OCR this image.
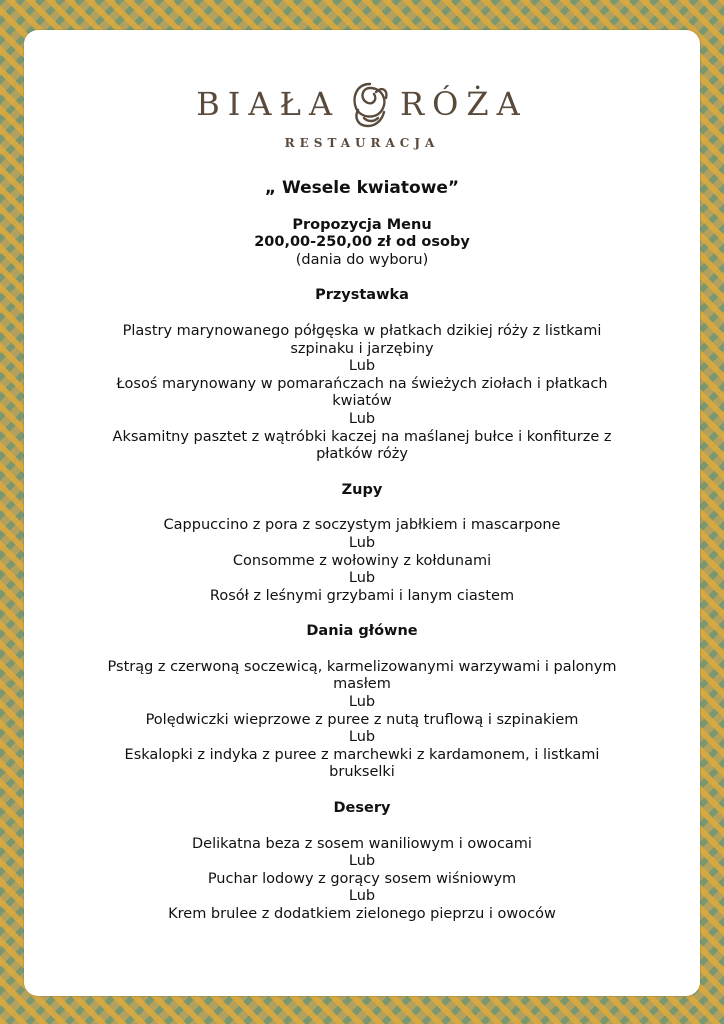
BIAŁA RÓŻA
RESTAURACJA
„ Wesele kwiatowe”
Propozycja Menu
200,00-250,00 zł od osoby
(dania do wyboru)
Przystawka
Plastry marynowanego półgęska w płatkach dzikiej róży z listkami
szpinaku i jarzębiny
Lub
Łosoś marynowany w pomarańczach na świeżych ziołach i płatkach
kwiatów
Lub
Aksamitny pasztet z wątróbki kaczej na maślanej bułce i konfiturze z
płatków róży
Zupy
Cappuccino z pora z soczystym jabłkiem i mascarpone
Lub
Consomme z wołowiny z kołdunami
Lub
Rosół z leśnymi grzybami i lanym ciastem
Dania główne
Pstrąg z czerwoną soczewicą, karmelizowanymi warzywami i palonym
masłem
Lub
Polędwiczki wieprzowe z puree z nutą truflową i szpinakiem
Lub
Eskalopki z indyka z puree z marchewki z kardamonem, i listkami
brukselki
Desery
Delikatna beza z sosem waniliowym i owocami
Lub
Puchar lodowy z gorący sosem wiśniowym
Lub
Krem brulee z dodatkiem zielonego pieprzu i owoców
